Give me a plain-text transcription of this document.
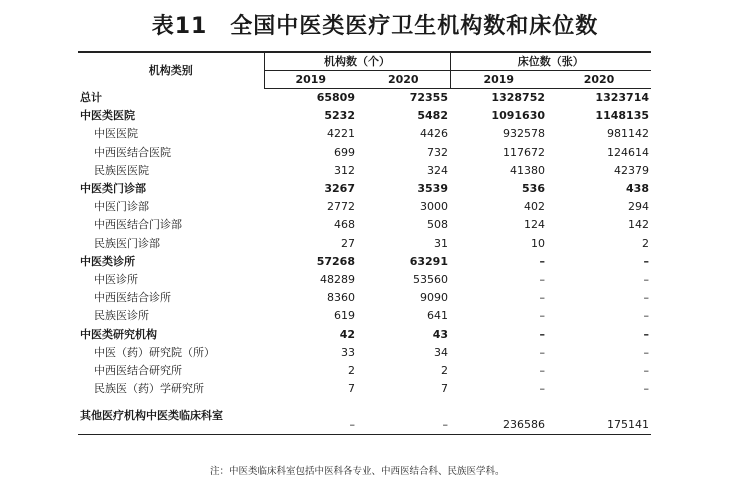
表11　全国中医类医疗卫生机构数和床位数
机构类别	机构数（个）		床位数（张）	
	2019	2020	2019	2020
总计	65809	72355	1328752	1323714
中医类医院	5232	5482	1091630	1148135
中医医院	4221	4426	932578	981142
中西医结合医院	699	732	117672	124614
民族医医院	312	324	41380	42379
中医类门诊部	3267	3539	536	438
中医门诊部	2772	3000	402	294
中西医结合门诊部	468	508	124	142
民族医门诊部	27	31	10	2
中医类诊所	57268	63291	–	–
中医诊所	48289	53560	–	–
中西医结合诊所	8360	9090	–	–
民族医诊所	619	641	–	–
中医类研究机构	42	43	–	–
中医（药）研究院（所）	33	34	–	–
中西医结合研究所	2	2	–	–
民族医（药）学研究所	7	7	–	–
其他医疗机构中医类临床科室	–	–	236586	175141
注：中医类临床科室包括中医科各专业、中西医结合科、民族医学科。
